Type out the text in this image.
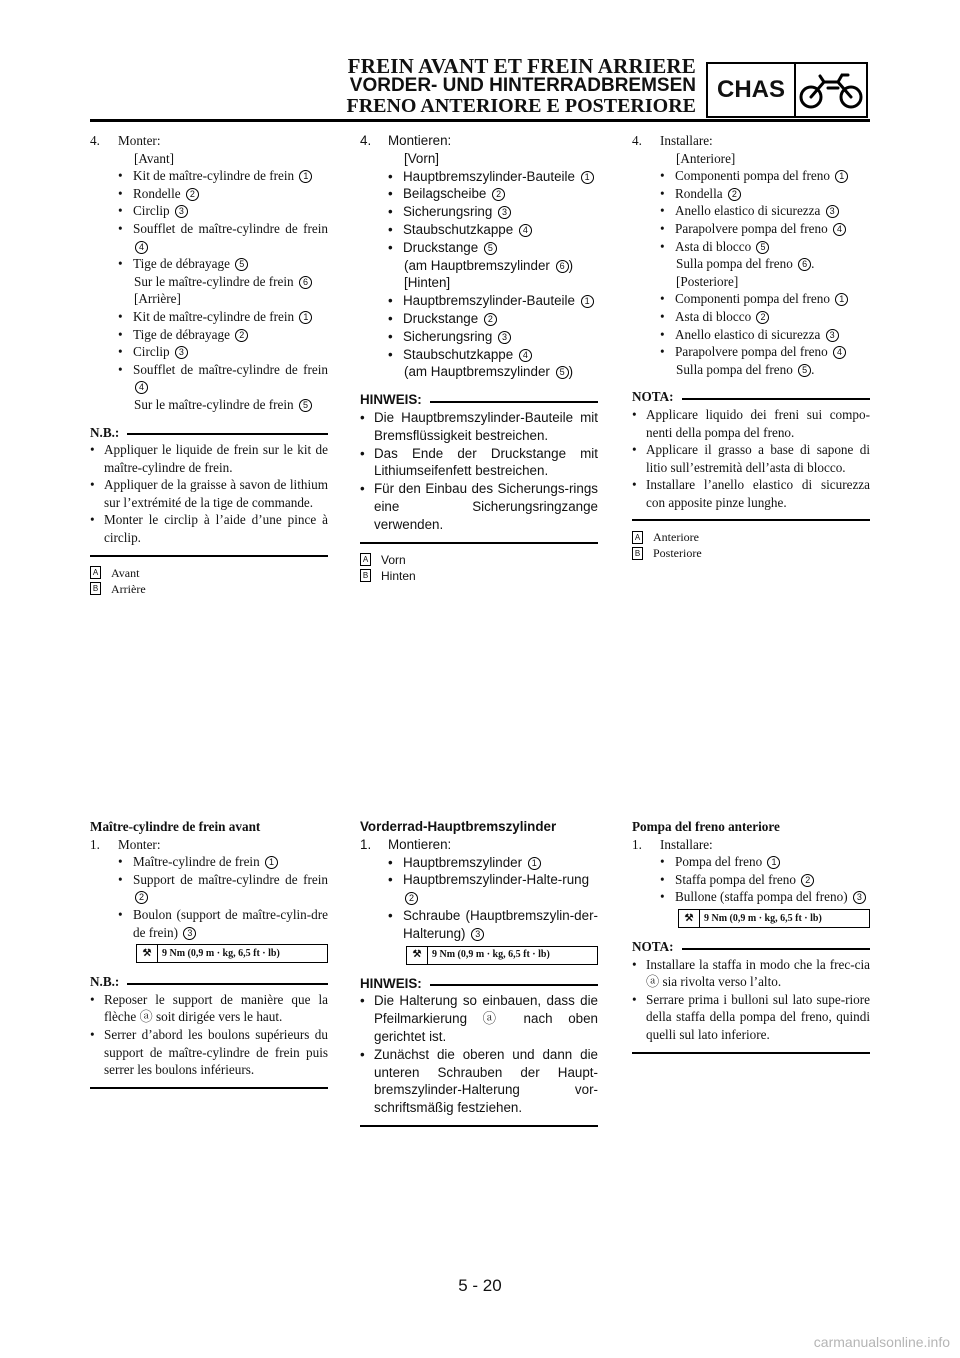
FREIN AVANT ET FREIN ARRIERE
VORDER- UND HINTERRADBREMSEN
FRENO ANTERIORE E POSTERIORE
CHAS
4.	Monter:
[Avant]
• Kit de maître-cylindre de frein 1
• Rondelle 2
• Circlip 3
• Soufflet de maître-cylindre de frein 4
• Tige de débrayage 5
Sur le maître-cylindre de frein 6
[Arrière]
• Kit de maître-cylindre de frein 1
• Tige de débrayage 2
• Circlip 3
• Soufflet de maître-cylindre de frein 4
Sur le maître-cylindre de frein 5
N.B.:
• Appliquer le liquide de frein sur le kit de maître-cylindre de frein.
• Appliquer de la graisse à savon de lithium sur l’extrémité de la tige de commande.
• Monter le circlip à l’aide d’une pince à circlip.
A Avant
B Arrière
4.	Montieren:
[Vorn]
• Hauptbremszylinder-Bauteile 1
• Beilagscheibe 2
• Sicherungsring 3
• Staubschutzkappe 4
• Druckstange 5
(am Hauptbremszylinder 6 )
[Hinten]
• Hauptbremszylinder-Bauteile 1
• Druckstange 2
• Sicherungsring 3
• Staubschutzkappe 4
(am Hauptbremszylinder 5 )
HINWEIS:
• Die Hauptbremszylinder-Bauteile mit Bremsflüssigkeit bestreichen.
• Das Ende der Druckstange mit Lithiumseifenfett bestreichen.
• Für den Einbau des Sicherungs-rings eine Sicherungsringzange verwenden.
A Vorn
B Hinten
4.	Installare:
[Anteriore]
• Componenti pompa del freno 1
• Rondella 2
• Anello elastico di sicurezza 3
• Parapolvere pompa del freno 4
• Asta di blocco 5
Sulla pompa del freno 6 .
[Posteriore]
• Componenti pompa del freno 1
• Asta di blocco 2
• Anello elastico di sicurezza 3
• Parapolvere pompa del freno 4
Sulla pompa del freno 5 .
NOTA:
• Applicare liquido dei freni sui compo-nenti della pompa del freno.
• Applicare il grasso a base di sapone di litio sull’estremità dell’asta di blocco.
• Installare l’anello elastico di sicurezza con apposite pinze lunghe.
A Anteriore
B Posteriore
Maître-cylindre de frein avant
1.	Monter:
• Maître-cylindre de frein 1
• Support de maître-cylindre de frein 2
• Boulon (support de maître-cylin-dre de frein) 3
⚒	9 Nm (0,9 m · kg, 6,5 ft · lb)
N.B.:
• Reposer le support de manière que la flèche ⓐ soit dirigée vers le haut.
• Serrer d’abord les boulons supérieurs du support de maître-cylindre de frein puis serrer les boulons inférieurs.
Vorderrad-Hauptbremszylinder
1.	Montieren:
• Hauptbremszylinder 1
• Hauptbremszylinder-Halte-rung 2
• Schraube (Hauptbremszylin-der-Halterung) 3
⚒	9 Nm (0,9 m · kg, 6,5 ft · lb)
HINWEIS:
• Die Halterung so einbauen, dass die Pfeilmarkierung ⓐ nach oben gerichtet ist.
• Zunächst die oberen und dann die unteren Schrauben der Haupt-bremszylinder-Halterung vor-schriftsmäßig festziehen.
Pompa del freno anteriore
1.	Installare:
• Pompa del freno 1
• Staffa pompa del freno 2
• Bullone (staffa pompa del freno) 3
⚒	9 Nm (0,9 m · kg, 6,5 ft · lb)
NOTA:
• Installare la staffa in modo che la frec-cia ⓐ sia rivolta verso l’alto.
• Serrare prima i bulloni sul lato supe-riore della staffa della pompa del freno, quindi quelli sul lato inferiore.
5 - 20
carmanualsonline.info
